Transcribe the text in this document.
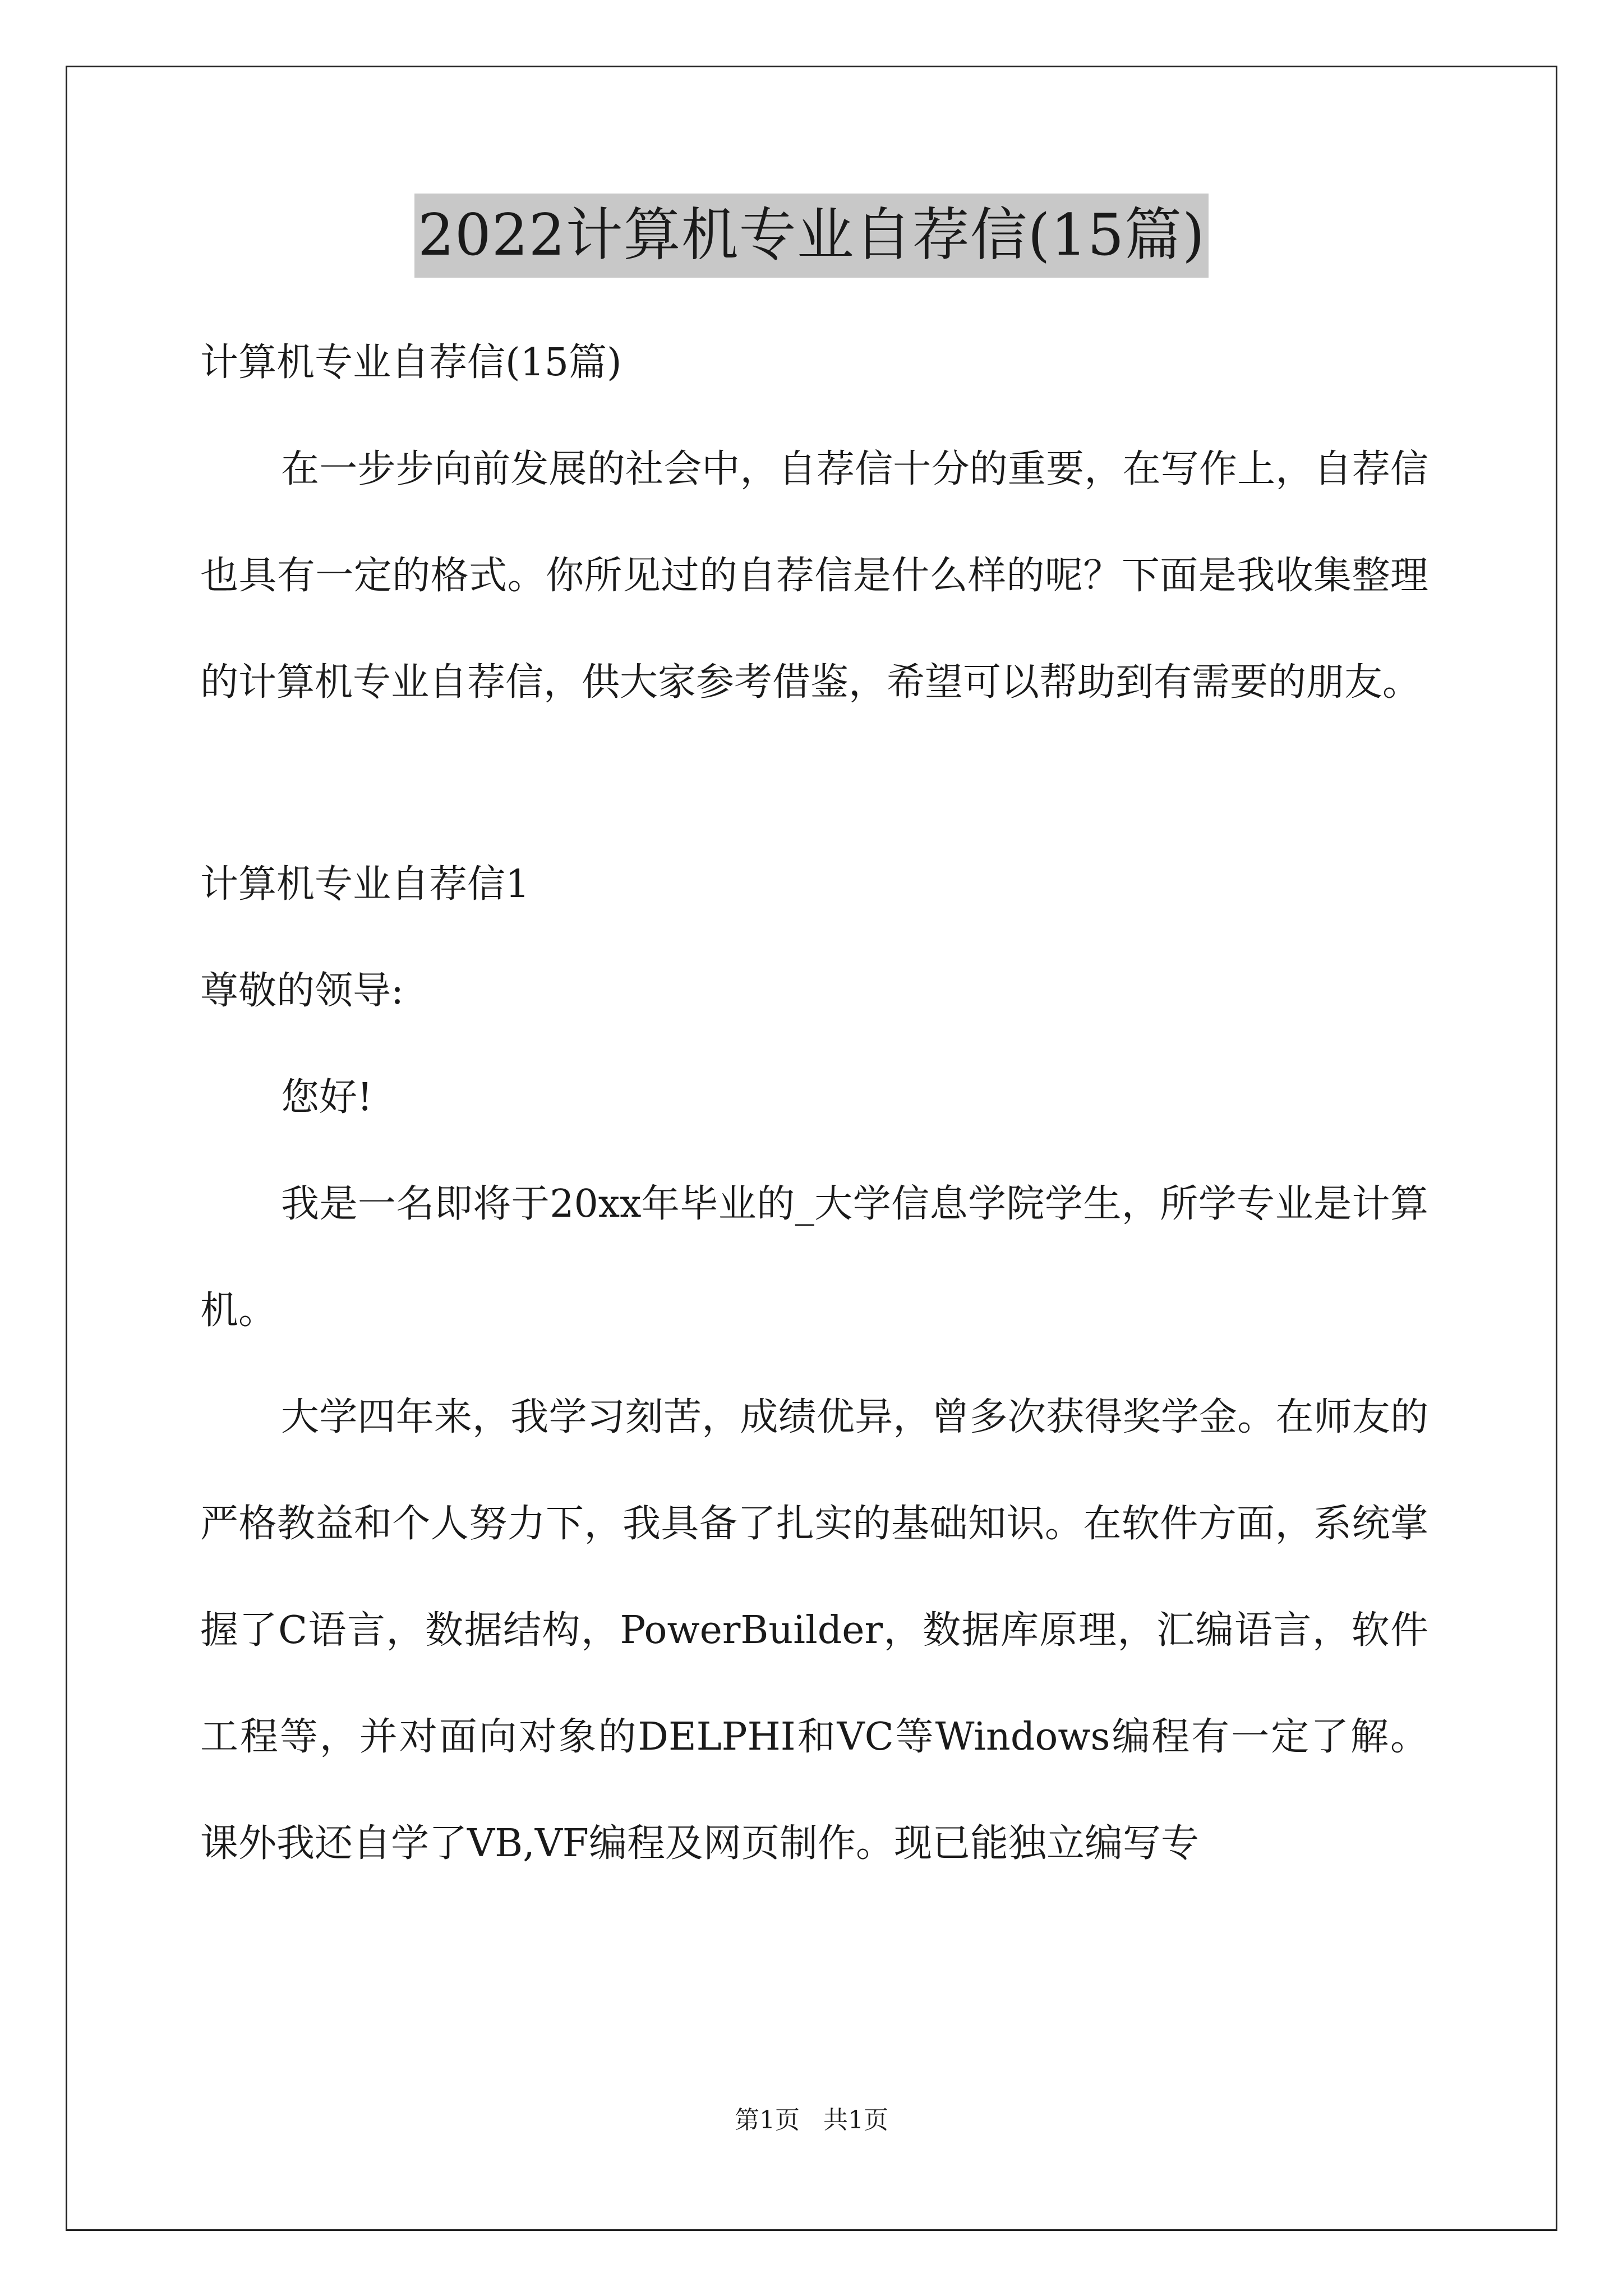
2022计算机专业自荐信(15篇)

计算机专业自荐信(15篇)

在一步步向前发展的社会中，自荐信十分的重要，在写作上，自荐信也具有一定的格式。你所见过的自荐信是什么样的呢？下面是我收集整理的计算机专业自荐信，供大家参考借鉴，希望可以帮助到有需要的朋友。

计算机专业自荐信1

尊敬的领导:

您好!

我是一名即将于20xx年毕业的_大学信息学院学生，所学专业是计算机。

大学四年来，我学习刻苦，成绩优异，曾多次获得奖学金。在师友的严格教益和个人努力下，我具备了扎实的基础知识。在软件方面，系统掌握了C语言，数据结构，PowerBuilder，数据库原理，汇编语言，软件工程等，并对面向对象的DELPHI和VC等Windows编程有一定了解。课外我还自学了VB,VF编程及网页制作。现已能独立编写专

第1页   共1页
